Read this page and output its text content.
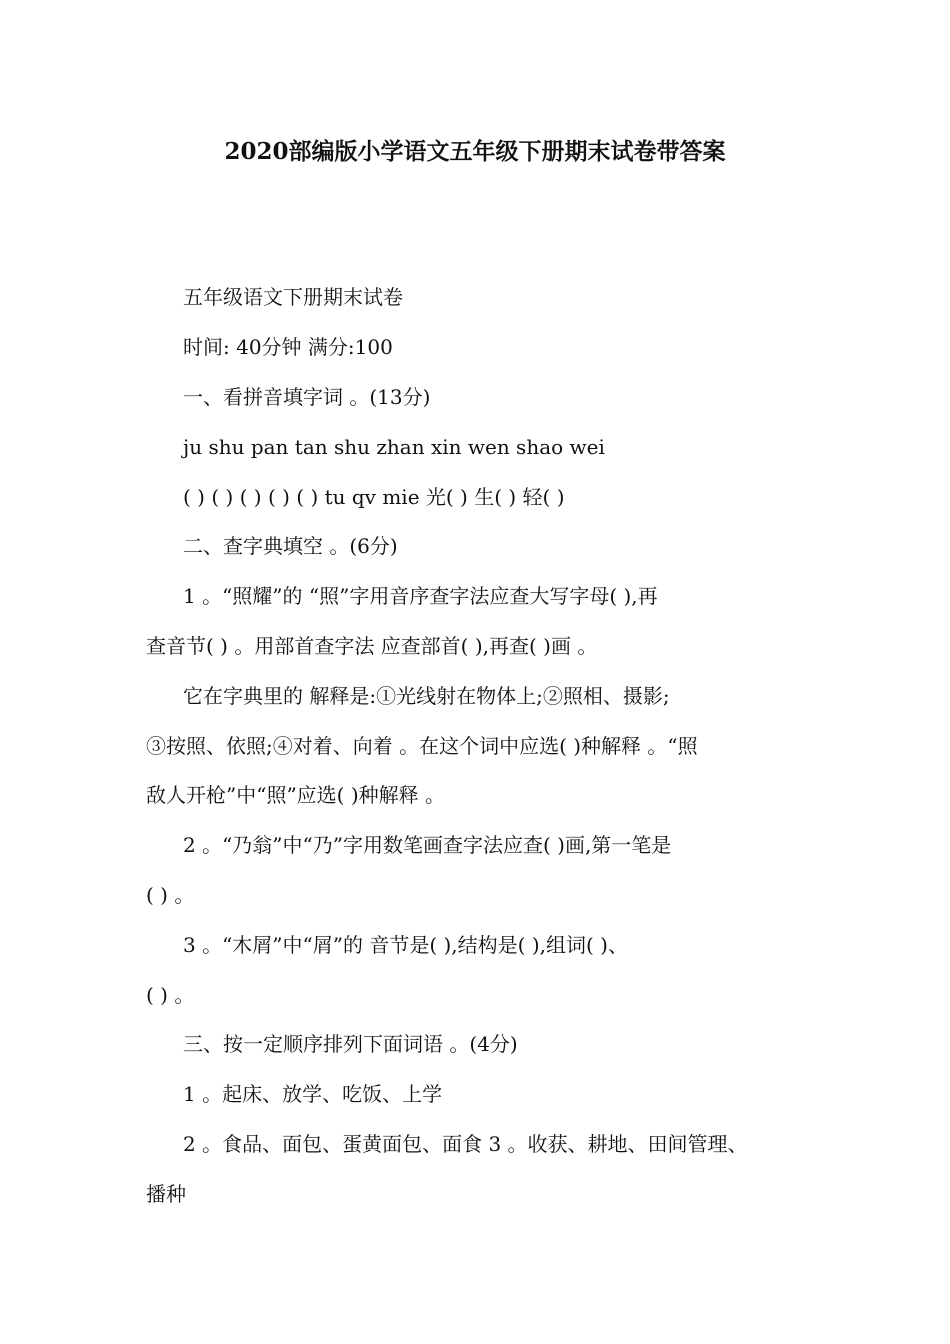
2020部编版小学语文五年级下册期末试卷带答案

五年级语文下册期末试卷

时间: 40分钟 满分:100

一、看拼音填字词 。(13分)

ju shu pan tan shu zhan xin wen shao wei

( ) ( ) ( ) ( ) ( ) tu qv mie 光( ) 生( ) 轻( )

二、查字典填空 。(6分)

1 。“照耀”的 “照”字用音序查字法应查大写字母( ),再

查音节( ) 。用部首查字法 应查部首( ),再查( )画 。

它在字典里的 解释是:①光线射在物体上;②照相、摄影;

③按照、依照;④对着、向着 。在这个词中应选( )种解释 。“照

敌人开枪”中“照”应选( )种解释 。

2 。“乃翁”中“乃”字用数笔画查字法应查( )画,第一笔是

( ) 。

3 。“木屑”中“屑”的 音节是( ),结构是( ),组词( )、

( ) 。

三、按一定顺序排列下面词语 。(4分)

1 。起床、放学、吃饭、上学

2 。食品、面包、蛋黄面包、面食 3 。收获、耕地、田间管理、

播种
